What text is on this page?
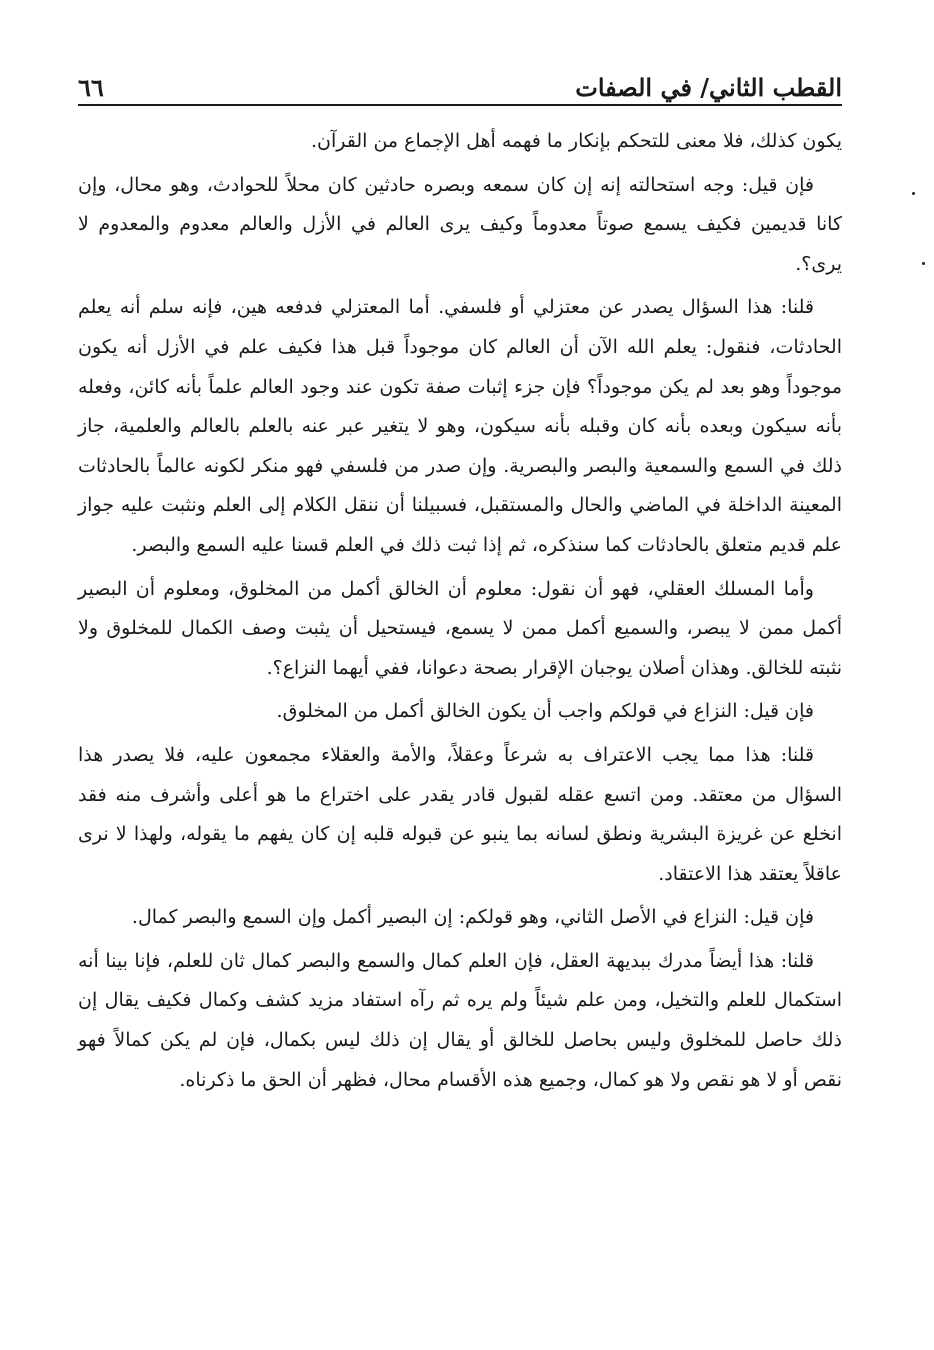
القطب الثاني/ في الصفات
٦٦

يكون كذلك، فلا معنى للتحكم بإنكار ما فهمه أهل الإجماع من القرآن.

فإن قيل: وجه استحالته إنه إن كان سمعه وبصره حادثين كان محلاً للحوادث، وهو محال، وإن كانا قديمين فكيف يسمع صوتاً معدوماً وكيف يرى العالم في الأزل والعالم معدوم والمعدوم لا يرى؟.

قلنا: هذا السؤال يصدر عن معتزلي أو فلسفي. أما المعتزلي فدفعه هين، فإنه سلم أنه يعلم الحادثات، فنقول: يعلم الله الآن أن العالم كان موجوداً قبل هذا فكيف علم في الأزل أنه يكون موجوداً وهو بعد لم يكن موجوداً؟ فإن جزء إثبات صفة تكون عند وجود العالم علماً بأنه كائن، وفعله بأنه سيكون وبعده بأنه كان وقبله بأنه سيكون، وهو لا يتغير عبر عنه بالعلم بالعالم والعلمية، جاز ذلك في السمع والسمعية والبصر والبصرية. وإن صدر من فلسفي فهو منكر لكونه عالماً بالحادثات المعينة الداخلة في الماضي والحال والمستقبل، فسبيلنا أن ننقل الكلام إلى العلم ونثبت عليه جواز علم قديم متعلق بالحادثات كما سنذكره، ثم إذا ثبت ذلك في العلم قسنا عليه السمع والبصر.

وأما المسلك العقلي، فهو أن نقول: معلوم أن الخالق أكمل من المخلوق، ومعلوم أن البصير أكمل ممن لا يبصر، والسميع أكمل ممن لا يسمع، فيستحيل أن يثبت وصف الكمال للمخلوق ولا نثبته للخالق. وهذان أصلان يوجبان الإقرار بصحة دعوانا، ففي أيهما النزاع؟.

فإن قيل: النزاع في قولكم واجب أن يكون الخالق أكمل من المخلوق.

قلنا: هذا مما يجب الاعتراف به شرعاً وعقلاً، والأمة والعقلاء مجمعون عليه، فلا يصدر هذا السؤال من معتقد. ومن اتسع عقله لقبول قادر يقدر على اختراع ما هو أعلى وأشرف منه فقد انخلع عن غريزة البشرية ونطق لسانه بما ينبو عن قبوله قلبه إن كان يفهم ما يقوله، ولهذا لا نرى عاقلاً يعتقد هذا الاعتقاد.

فإن قيل: النزاع في الأصل الثاني، وهو قولكم: إن البصير أكمل وإن السمع والبصر كمال.

قلنا: هذا أيضاً مدرك ببديهة العقل، فإن العلم كمال والسمع والبصر كمال ثان للعلم، فإنا بينا أنه استكمال للعلم والتخيل، ومن علم شيئاً ولم يره ثم رآه استفاد مزيد كشف وكمال فكيف يقال إن ذلك حاصل للمخلوق وليس بحاصل للخالق أو يقال إن ذلك ليس بكمال، فإن لم يكن كمالاً فهو نقص أو لا هو نقص ولا هو كمال، وجميع هذه الأقسام محال، فظهر أن الحق ما ذكرناه.
